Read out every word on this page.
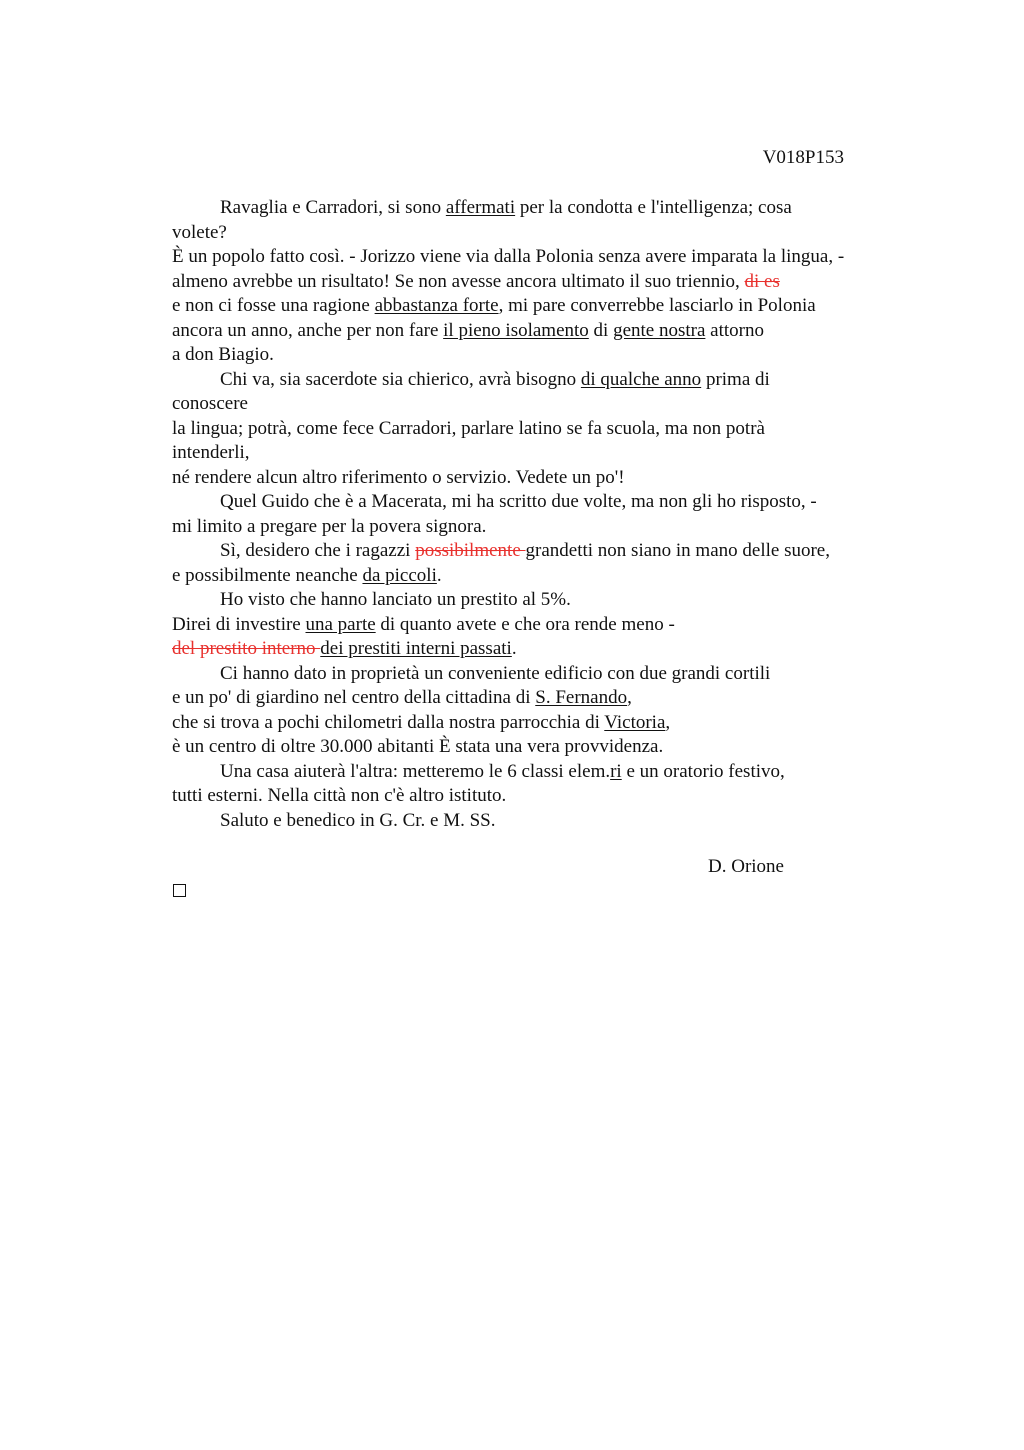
V018P153

Ravaglia e Carradori, si sono affermati per la condotta e l'intelligenza; cosa

volete?

È un popolo fatto così. - Jorizzo viene via dalla Polonia senza avere imparata la lingua, -

almeno avrebbe un risultato! Se non avesse ancora ultimato il suo triennio, di es

e non ci fosse una ragione abbastanza forte, mi pare converrebbe lasciarlo in Polonia

ancora un anno, anche per non fare il pieno isolamento di gente nostra attorno

a don Biagio.

Chi va, sia sacerdote sia chierico, avrà bisogno di qualche anno prima di

conoscere

la lingua; potrà, come fece Carradori, parlare latino se fa scuola, ma non potrà

intenderli,

né rendere alcun altro riferimento o servizio. Vedete un po'!

Quel Guido che è a Macerata, mi ha scritto due volte, ma non gli ho risposto, -

mi limito a pregare per la povera signora.

Sì, desidero che i ragazzi possibilmente grandetti non siano in mano delle suore,

e possibilmente neanche da piccoli.

Ho visto che hanno lanciato un prestito al 5%.

Direi di investire una parte di quanto avete e che ora rende meno -

del prestito interno dei prestiti interni passati.

Ci hanno dato in proprietà un conveniente edificio con due grandi cortili

e un po' di giardino nel centro della cittadina di S. Fernando,

che si trova a pochi chilometri dalla nostra parrocchia di Victoria,

è un centro di oltre 30.000 abitanti È stata una vera provvidenza.

Una casa aiuterà l'altra: metteremo le 6 classi elem.ri e un oratorio festivo,

tutti esterni. Nella città non c'è altro istituto.

Saluto e benedico in G. Cr. e M. SS.

D. Orione
